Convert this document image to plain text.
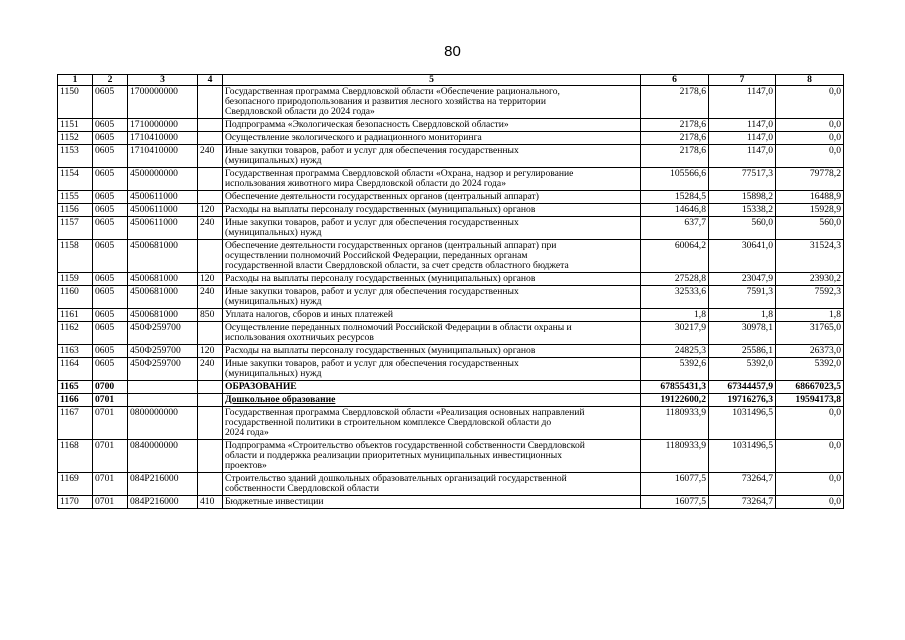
80
1	2	3	4	5	6	7	8
1150	0605	1700000000		Государственная программа Свердловской области «Обеспечение рационального,
безопасного природопользования и развития лесного хозяйства на территории
Свердловской области до 2024 года»	2178,6	1147,0	0,0
1151	0605	1710000000		Подпрограмма «Экологическая безопасность Свердловской области»	2178,6	1147,0	0,0
1152	0605	1710410000		Осуществление экологического и радиационного мониторинга	2178,6	1147,0	0,0
1153	0605	1710410000	240	Иные закупки товаров, работ и услуг для обеспечения государственных
(муниципальных) нужд	2178,6	1147,0	0,0
1154	0605	4500000000		Государственная программа Свердловской области «Охрана, надзор и регулирование
использования животного мира Свердловской области до 2024 года»	105566,6	77517,3	79778,2
1155	0605	4500611000		Обеспечение деятельности государственных органов (центральный аппарат)	15284,5	15898,2	16488,9
1156	0605	4500611000	120	Расходы на выплаты персоналу государственных (муниципальных) органов	14646,8	15338,2	15928,9
1157	0605	4500611000	240	Иные закупки товаров, работ и услуг для обеспечения государственных
(муниципальных) нужд	637,7	560,0	560,0
1158	0605	4500681000		Обеспечение деятельности государственных органов (центральный аппарат) при
осуществлении полномочий Российской Федерации, переданных органам
государственной власти Свердловской области, за счет средств областного бюджета	60064,2	30641,0	31524,3
1159	0605	4500681000	120	Расходы на выплаты персоналу государственных (муниципальных) органов	27528,8	23047,9	23930,2
1160	0605	4500681000	240	Иные закупки товаров, работ и услуг для обеспечения государственных
(муниципальных) нужд	32533,6	7591,3	7592,3
1161	0605	4500681000	850	Уплата налогов, сборов и иных платежей	1,8	1,8	1,8
1162	0605	450Ф259700		Осуществление переданных полномочий Российской Федерации в области охраны и
использования охотничьих ресурсов	30217,9	30978,1	31765,0
1163	0605	450Ф259700	120	Расходы на выплаты персоналу государственных (муниципальных) органов	24825,3	25586,1	26373,0
1164	0605	450Ф259700	240	Иные закупки товаров, работ и услуг для обеспечения государственных
(муниципальных) нужд	5392,6	5392,0	5392,0
1165	0700			ОБРАЗОВАНИЕ	67855431,3	67344457,9	68667023,5
1166	0701			Дошкольное образование	19122600,2	19716276,3	19594173,8
1167	0701	0800000000		Государственная программа Свердловской области «Реализация основных направлений
государственной политики в строительном комплексе Свердловской области до
2024 года»	1180933,9	1031496,5	0,0
1168	0701	0840000000		Подпрограмма «Строительство объектов государственной собственности Свердловской
области и поддержка реализации приоритетных муниципальных инвестиционных
проектов»	1180933,9	1031496,5	0,0
1169	0701	084P216000		Строительство зданий дошкольных образовательных организаций государственной
собственности Свердловской области	16077,5	73264,7	0,0
1170	0701	084P216000	410	Бюджетные инвестиции	16077,5	73264,7	0,0
